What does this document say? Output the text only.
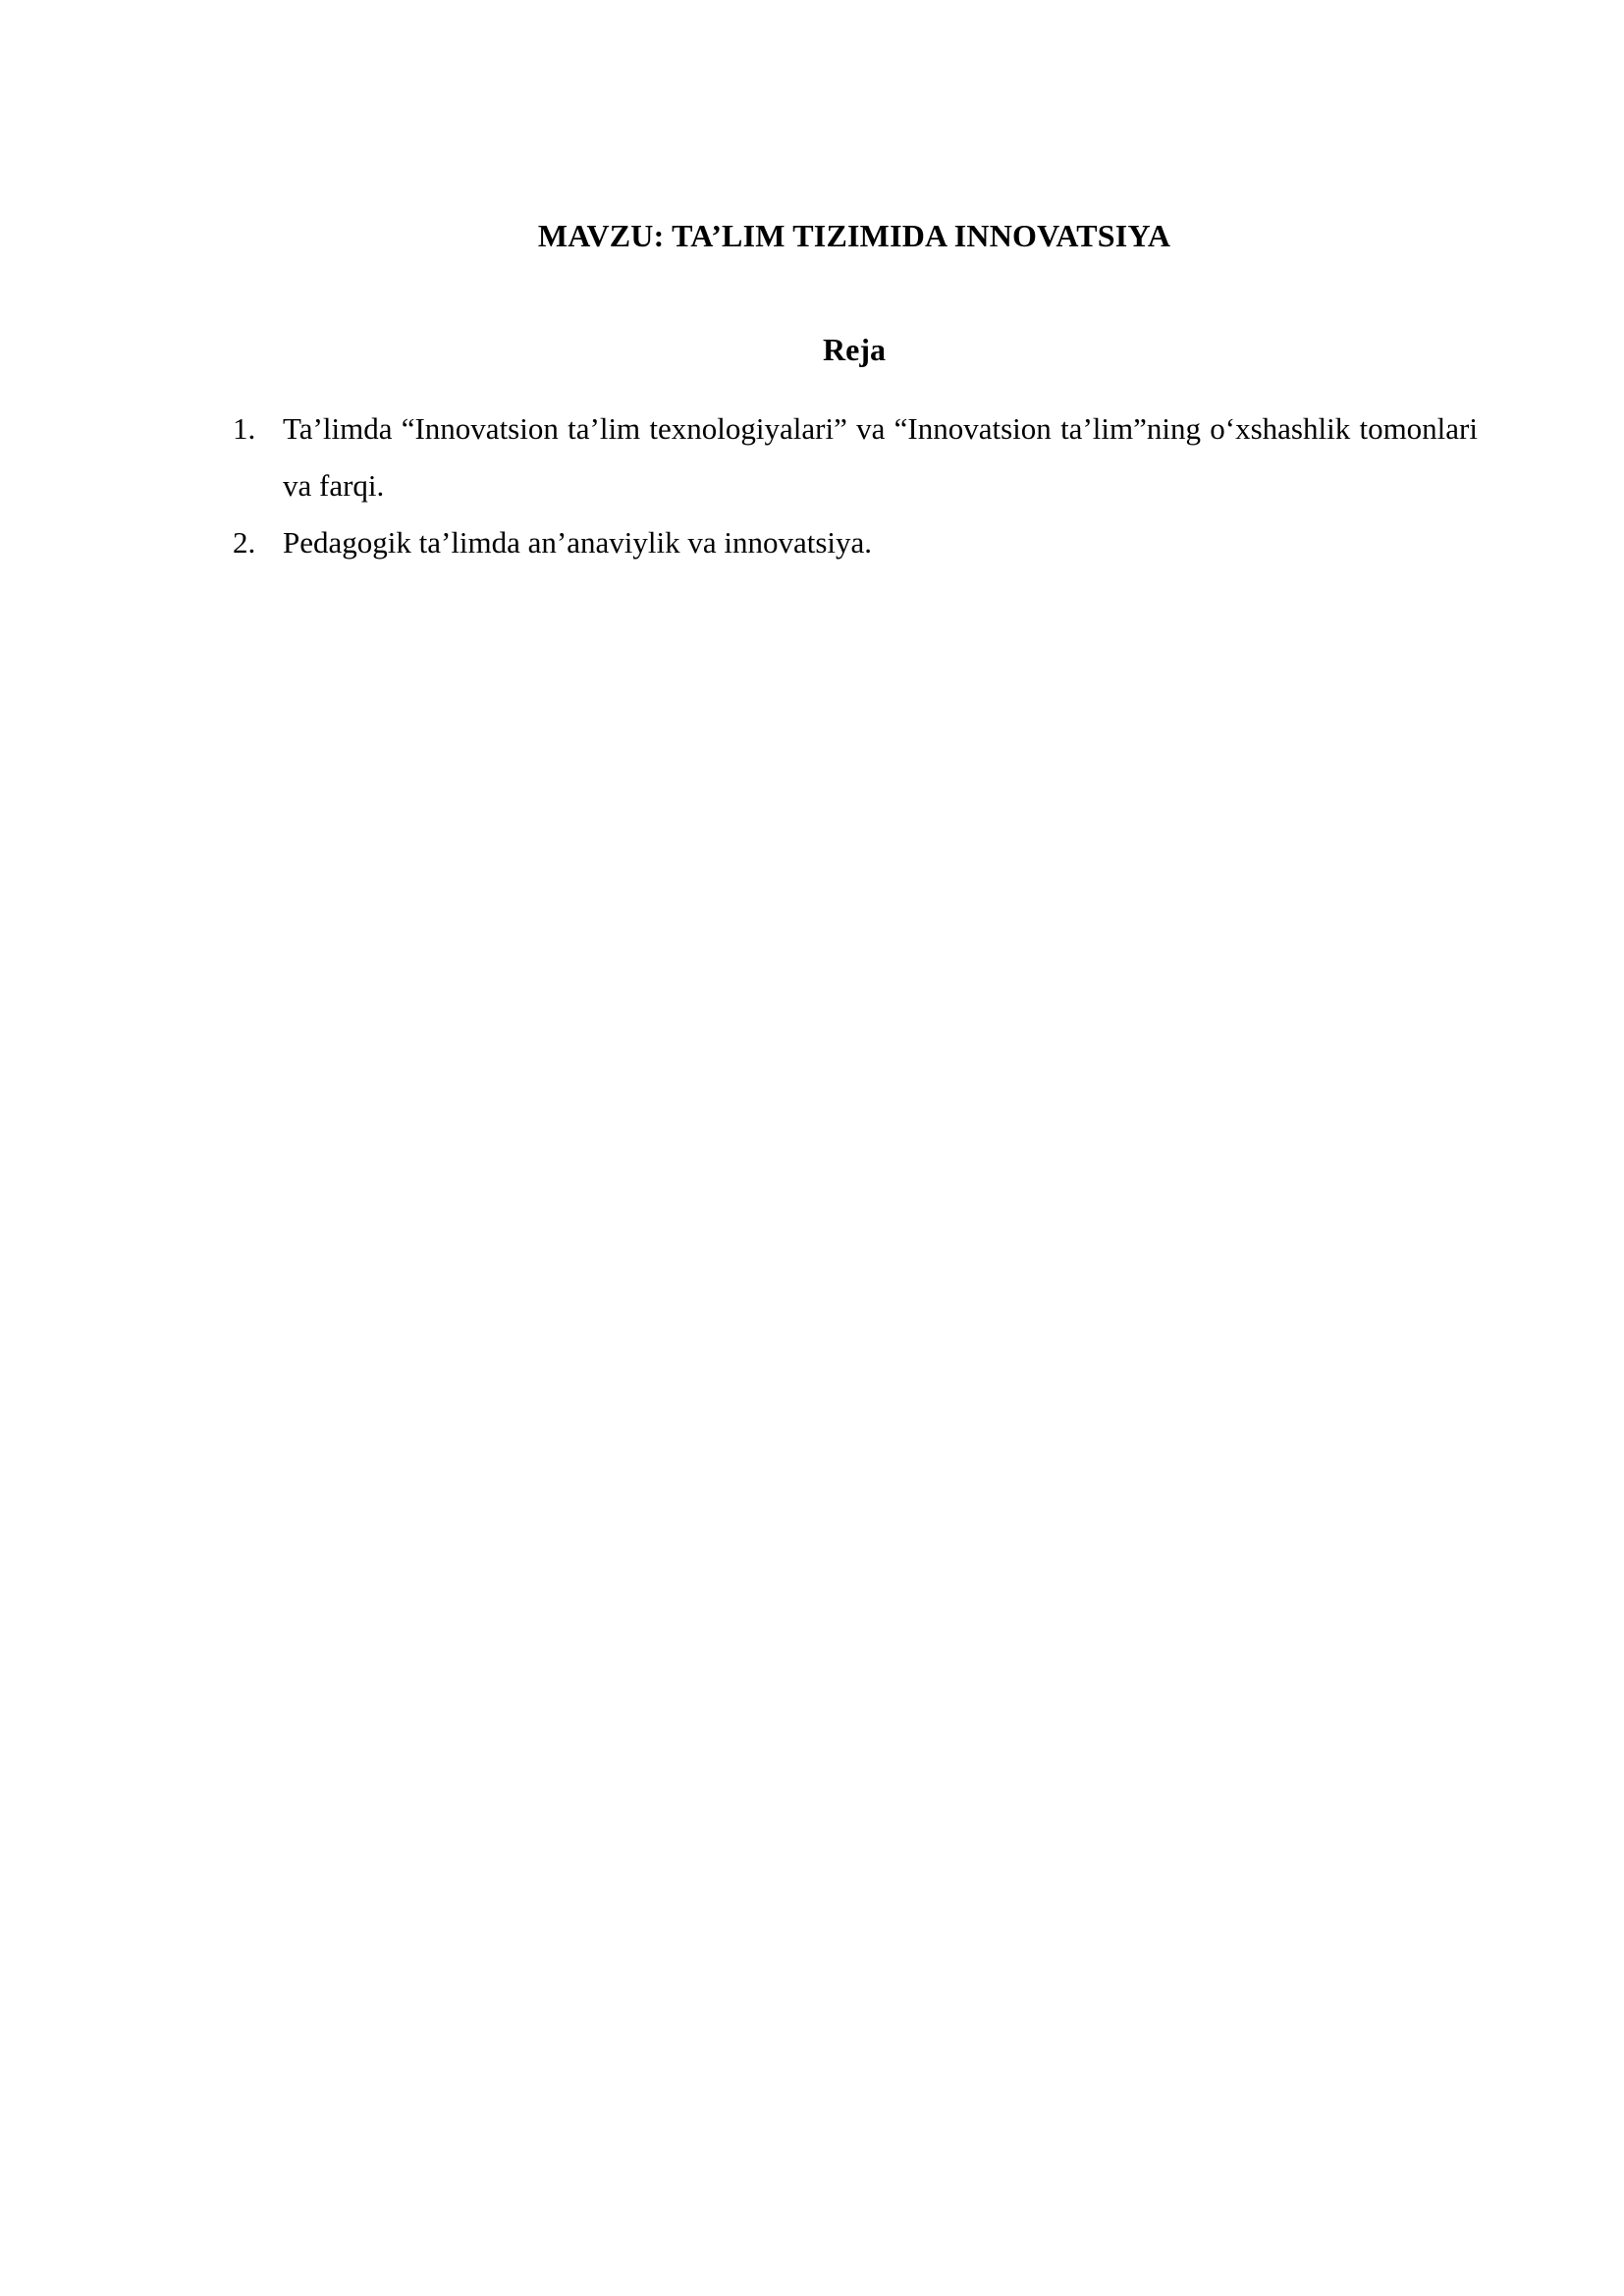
MAVZU: TA’LIM TIZIMIDA INNOVATSIYA
Reja
1. Ta’limda “Innovatsion ta’lim texnologiyalari” va “Innovatsion ta’lim”ning o‘xshashlik tomonlari va farqi.
2. Pedagogik ta’limda an’anaviylik va innovatsiya.
